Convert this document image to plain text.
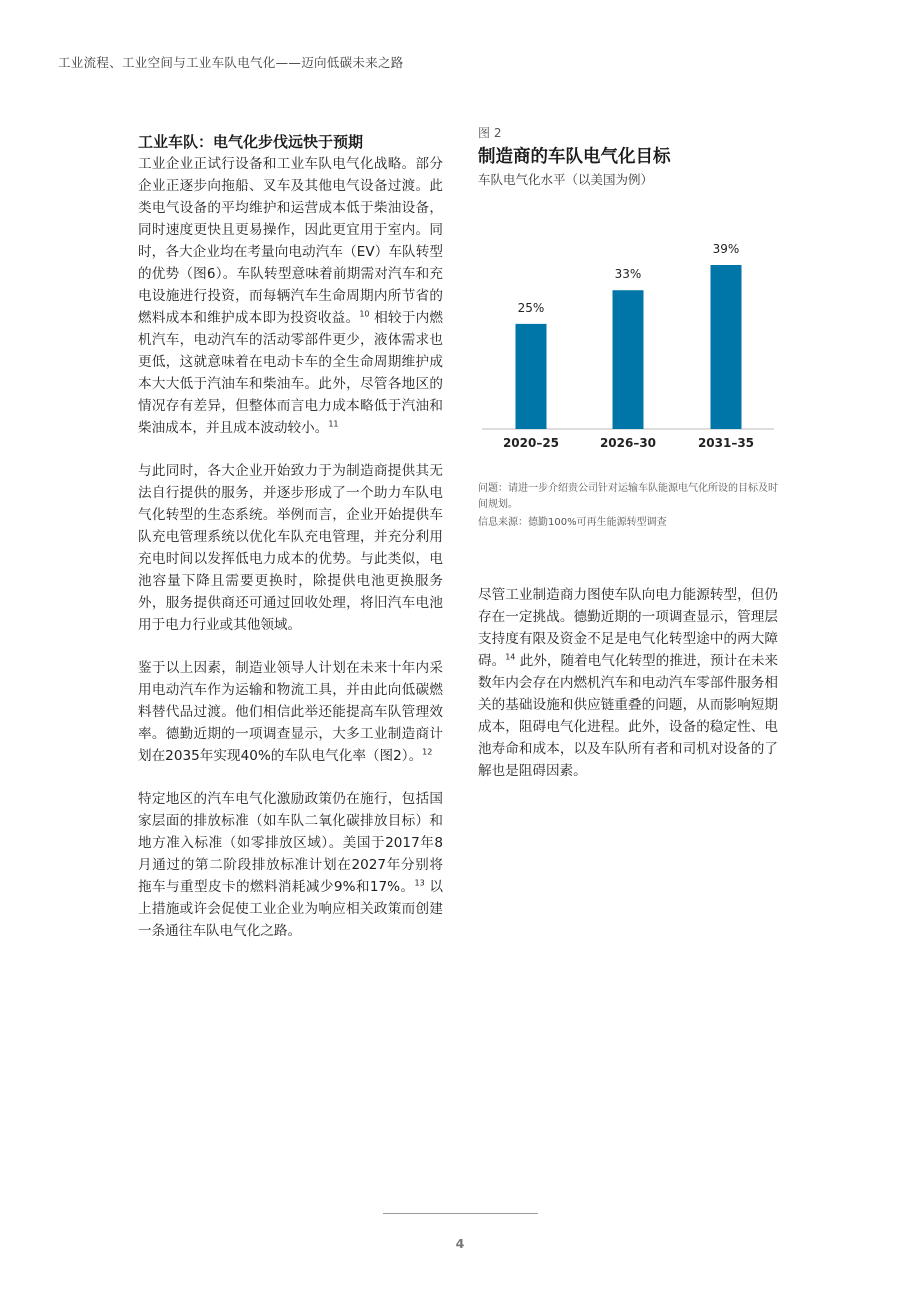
工业流程、工业空间与工业车队电气化——迈向低碳未来之路
工业车队：电气化步伐远快于预期

工业企业正试行设备和工业车队电气化战略。部分企业正逐步向拖船、叉车及其他电气设备过渡。此类电气设备的平均维护和运营成本低于柴油设备，同时速度更快且更易操作，因此更宜用于室内。同时，各大企业均在考量向电动汽车（EV）车队转型的优势（图6）。车队转型意味着前期需对汽车和充电设施进行投资，而每辆汽车生命周期内所节省的燃料成本和维护成本即为投资收益。$^{10}$ 相较于内燃机汽车，电动汽车的活动零部件更少，液体需求也更低，这就意味着在电动卡车的全生命周期维护成本大大低于汽油车和柴油车。此外，尽管各地区的情况存有差异，但整体而言电力成本略低于汽油和柴油成本，并且成本波动较小。$^{11}$

与此同时，各大企业开始致力于为制造商提供其无法自行提供的服务，并逐步形成了一个助力车队电气化转型的生态系统。举例而言，企业开始提供车队充电管理系统以优化车队充电管理，并充分利用充电时间以发挥低电力成本的优势。与此类似，电池容量下降且需要更换时，除提供电池更换服务外，服务提供商还可通过回收处理，将旧汽车电池用于电力行业或其他领域。

鉴于以上因素，制造业领导人计划在未来十年内采用电动汽车作为运输和物流工具，并由此向低碳燃料替代品过渡。他们相信此举还能提高车队管理效率。德勤近期的一项调查显示，大多工业制造商计划在2035年实现40%的车队电气化率（图2）。$^{12}$

特定地区的汽车电气化激励政策仍在施行，包括国家层面的排放标准（如车队二氧化碳排放目标）和地方准入标准（如零排放区域）。美国于2017年8月通过的第二阶段排放标准计划在2027年分别将拖车与重型皮卡的燃料消耗减少9%和17%。$^{13}$ 以上措施或许会促使工业企业为响应相关政策而创建一条通往车队电气化之路。

图 2

制造商的车队电气化目标

车队电气化水平（以美国为例）

25%
2020–25
33%
2026–30
39%
2031–35

问题：请进一步介绍贵公司针对运输车队能源电气化所设的目标及时间规划。

信息来源：德勤100%可再生能源转型调查

尽管工业制造商力图使车队向电力能源转型，但仍存在一定挑战。德勤近期的一项调查显示，管理层支持度有限及资金不足是电气化转型途中的两大障碍。$^{14}$ 此外，随着电气化转型的推进，预计在未来数年内会存在内燃机汽车和电动汽车零部件服务相关的基础设施和供应链重叠的问题，从而影响短期成本，阻碍电气化进程。此外，设备的稳定性、电池寿命和成本，以及车队所有者和司机对设备的了解也是阻碍因素。

4
